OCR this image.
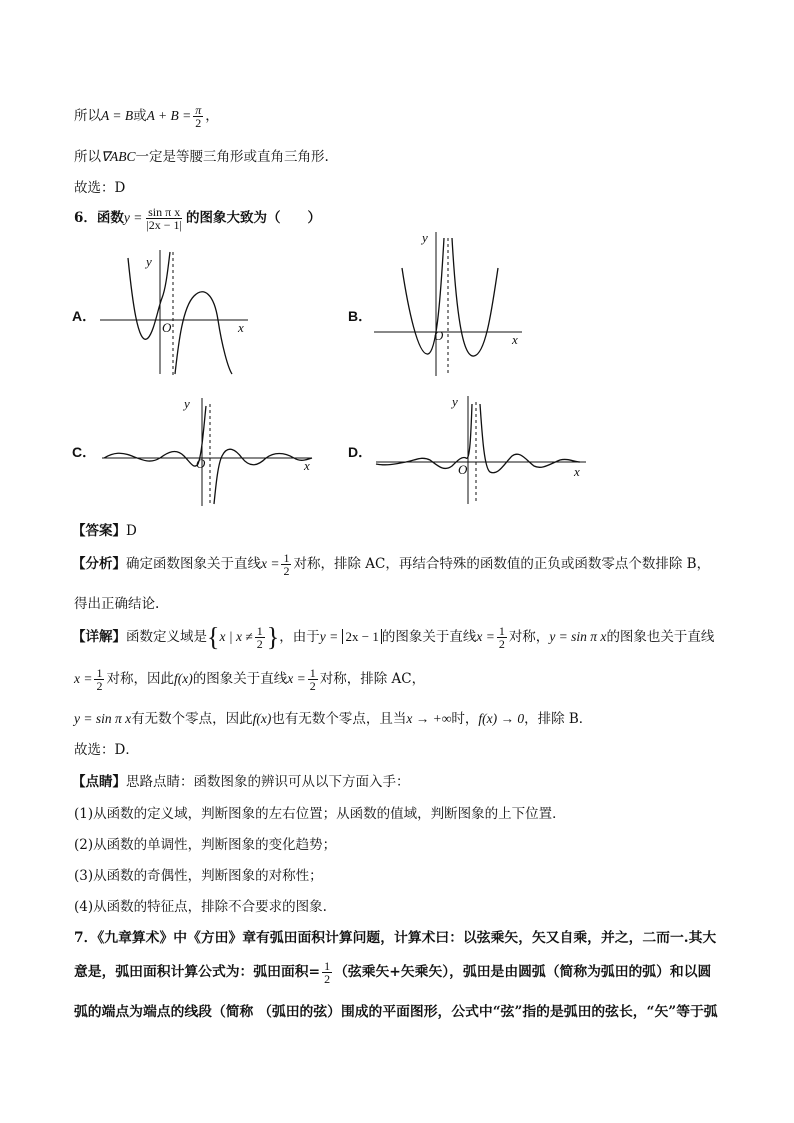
所以A = B或$A + B = \frac{\pi}{2}$ ，
所以∇ABC一定是等腰三角形或直角三角形.
故选：D
6．函数$y = \frac{\text{sin π x}}{|2x - 1|}$ 的图象大致为（　　）
A．	B．
C．	D．
y
x
O
y
x
O
y
x
O
y
x
O
【答案】D
【分析】确定函数图象关于直线$x = \frac{1}{2}$ 对称，排除 AC，再结合特殊的函数值的正负或函数零点个数排除 B，
得出正确结论.
【详解】函数定义域是{x | $x \ne \frac{1}{2}$ }，由于y = 2x − 1 的图象关于直线$x = \frac{1}{2}$ 对称，y = sin π x的图象也关于直线
$x = \frac{1}{2}$ 对称，因此f(x)的图象关于直线$x = \frac{1}{2}$ 对称，排除 AC，
y = sin π x有无数个零点，因此f(x)也有无数个零点，且当x → +∞时，f(x) → 0，排除 B．
故选：D．
【点睛】思路点睛：函数图象的辨识可从以下方面入手：
(1)从函数的定义域，判断图象的左右位置；从函数的值域，判断图象的上下位置．
(2)从函数的单调性，判断图象的变化趋势；
(3)从函数的奇偶性，判断图象的对称性；
(4)从函数的特征点，排除不合要求的图象.
7．《九章算术》中《方田》章有弧田面积计算问题，计算术曰：以弦乘矢，矢又自乘，并之，二而一.其大
意是，弧田面积计算公式为：弧田面积= $\frac{1}{2}$ （弦乘矢+矢乘矢），弧田是由圆弧（简称为弧田的弧）和以圆
弧的端点为端点的线段（简称 （弧田的弦）围成的平面图形，公式中“弦”指的是弧田的弦长，“矢”等于弧
